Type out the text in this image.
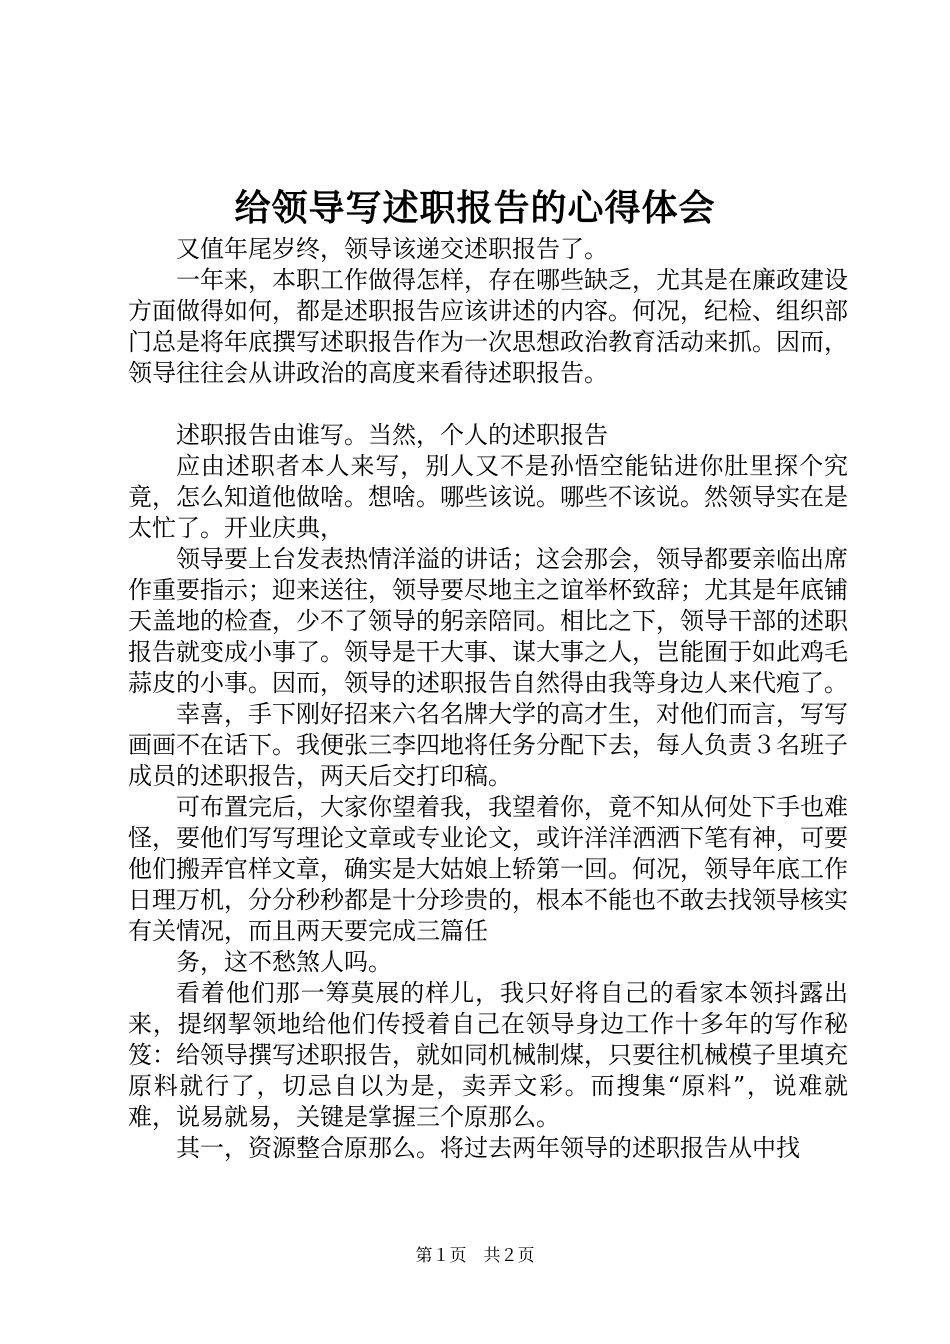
给领导写述职报告的心得体会

又值年尾岁终，领导该递交述职报告了。

一年来，本职工作做得怎样，存在哪些缺乏，尤其是在廉政建设方面做得如何，都是述职报告应该讲述的内容。何况，纪检、组织部门总是将年底撰写述职报告作为一次思想政治教育活动来抓。因而，领导往往会从讲政治的高度来看待述职报告。

述职报告由谁写。当然，个人的述职报告

应由述职者本人来写，别人又不是孙悟空能钻进你肚里探个究竟，怎么知道他做啥。想啥。哪些该说。哪些不该说。然领导实在是太忙了。开业庆典，

领导要上台发表热情洋溢的讲话；这会那会，领导都要亲临出席作重要指示；迎来送往，领导要尽地主之谊举杯致辞；尤其是年底铺天盖地的检查，少不了领导的躬亲陪同。相比之下，领导干部的述职报告就变成小事了。领导是干大事、谋大事之人，岂能囿于如此鸡毛蒜皮的小事。因而，领导的述职报告自然得由我等身边人来代疱了。

幸喜，手下刚好招来六名名牌大学的高才生，对他们而言，写写画画不在话下。我便张三李四地将任务分配下去，每人负责３名班子成员的述职报告，两天后交打印稿。

可布置完后，大家你望着我，我望着你，竟不知从何处下手也难怪，要他们写写理论文章或专业论文，或许洋洋洒洒下笔有神，可要他们搬弄官样文章，确实是大姑娘上轿第一回。何况，领导年底工作日理万机，分分秒秒都是十分珍贵的，根本不能也不敢去找领导核实有关情况，而且两天要完成三篇任

务，这不愁煞人吗。

看着他们那一筹莫展的样儿，我只好将自己的看家本领抖露出来，提纲挈领地给他们传授着自己在领导身边工作十多年的写作秘笈：给领导撰写述职报告，就如同机械制煤，只要往机械模子里填充原料就行了，切忌自以为是，卖弄文彩。而搜集“原料”，说难就难，说易就易，关键是掌握三个原那么。

其一，资源整合原那么。将过去两年领导的述职报告从中找

第１页　共２页
